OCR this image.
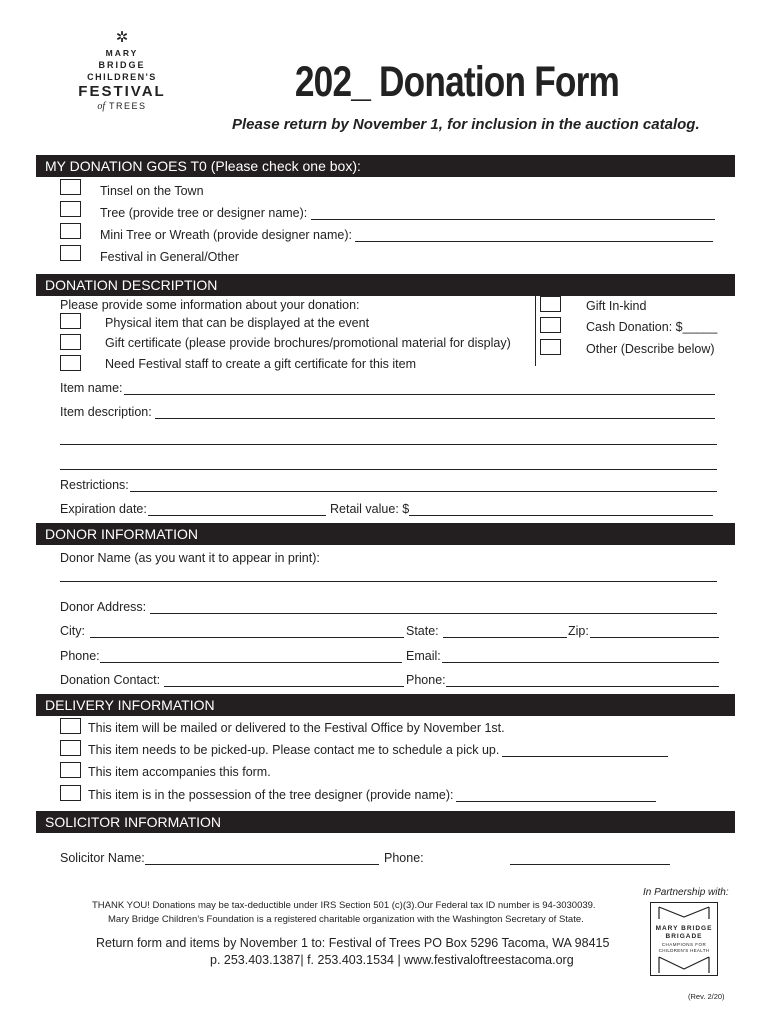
✲
MARY
BRIDGE
CHILDREN'S
FESTIVAL
of TREES	202_ Donation Form
Please return by November 1, for inclusion in the auction catalog.
MY DONATION GOES T0 (Please check one box):
Tinsel on the Town
Tree (provide tree or designer name):
Mini Tree or Wreath (provide designer name):
Festival in General/Other
DONATION DESCRIPTION
Please provide some information about your donation:
Physical item that can be displayed at the event
Gift certificate (please provide brochures/promotional material for display)
Need Festival staff to create a gift certificate for this item
Gift In-kind
Cash Donation: $_____
Other (Describe below)
Item name:
Item description:
Restrictions:
Expiration date:	Retail value: $
DONOR INFORMATION
Donor Name (as you want it to appear in print):
Donor Address:
City:	State:	Zip:
Phone:	Email:
Donation Contact:	Phone:
DELIVERY INFORMATION
This item will be mailed or delivered to the Festival Office by November 1st.
This item needs to be picked-up. Please contact me to schedule a pick up.
This item accompanies this form.
This item is in the possession of the tree designer (provide name):
SOLICITOR INFORMATION
Solicitor Name:	Phone:
In Partnership with:
THANK YOU! Donations may be tax-deductible under IRS Section 501 (c)(3).Our Federal tax ID number is 94-3030039.
Mary Bridge Children’s Foundation is a registered charitable organization with the Washington Secretary of State.
Return form and items by November 1 to: Festival of Trees PO Box 5296 Tacoma, WA 98415
p. 253.403.1387| f. 253.403.1534 | www.festivaloftreestacoma.org
MARY BRIDGE
BRIGADE
CHAMPIONS FOR
CHILDREN'S HEALTH
(Rev. 2/20)
